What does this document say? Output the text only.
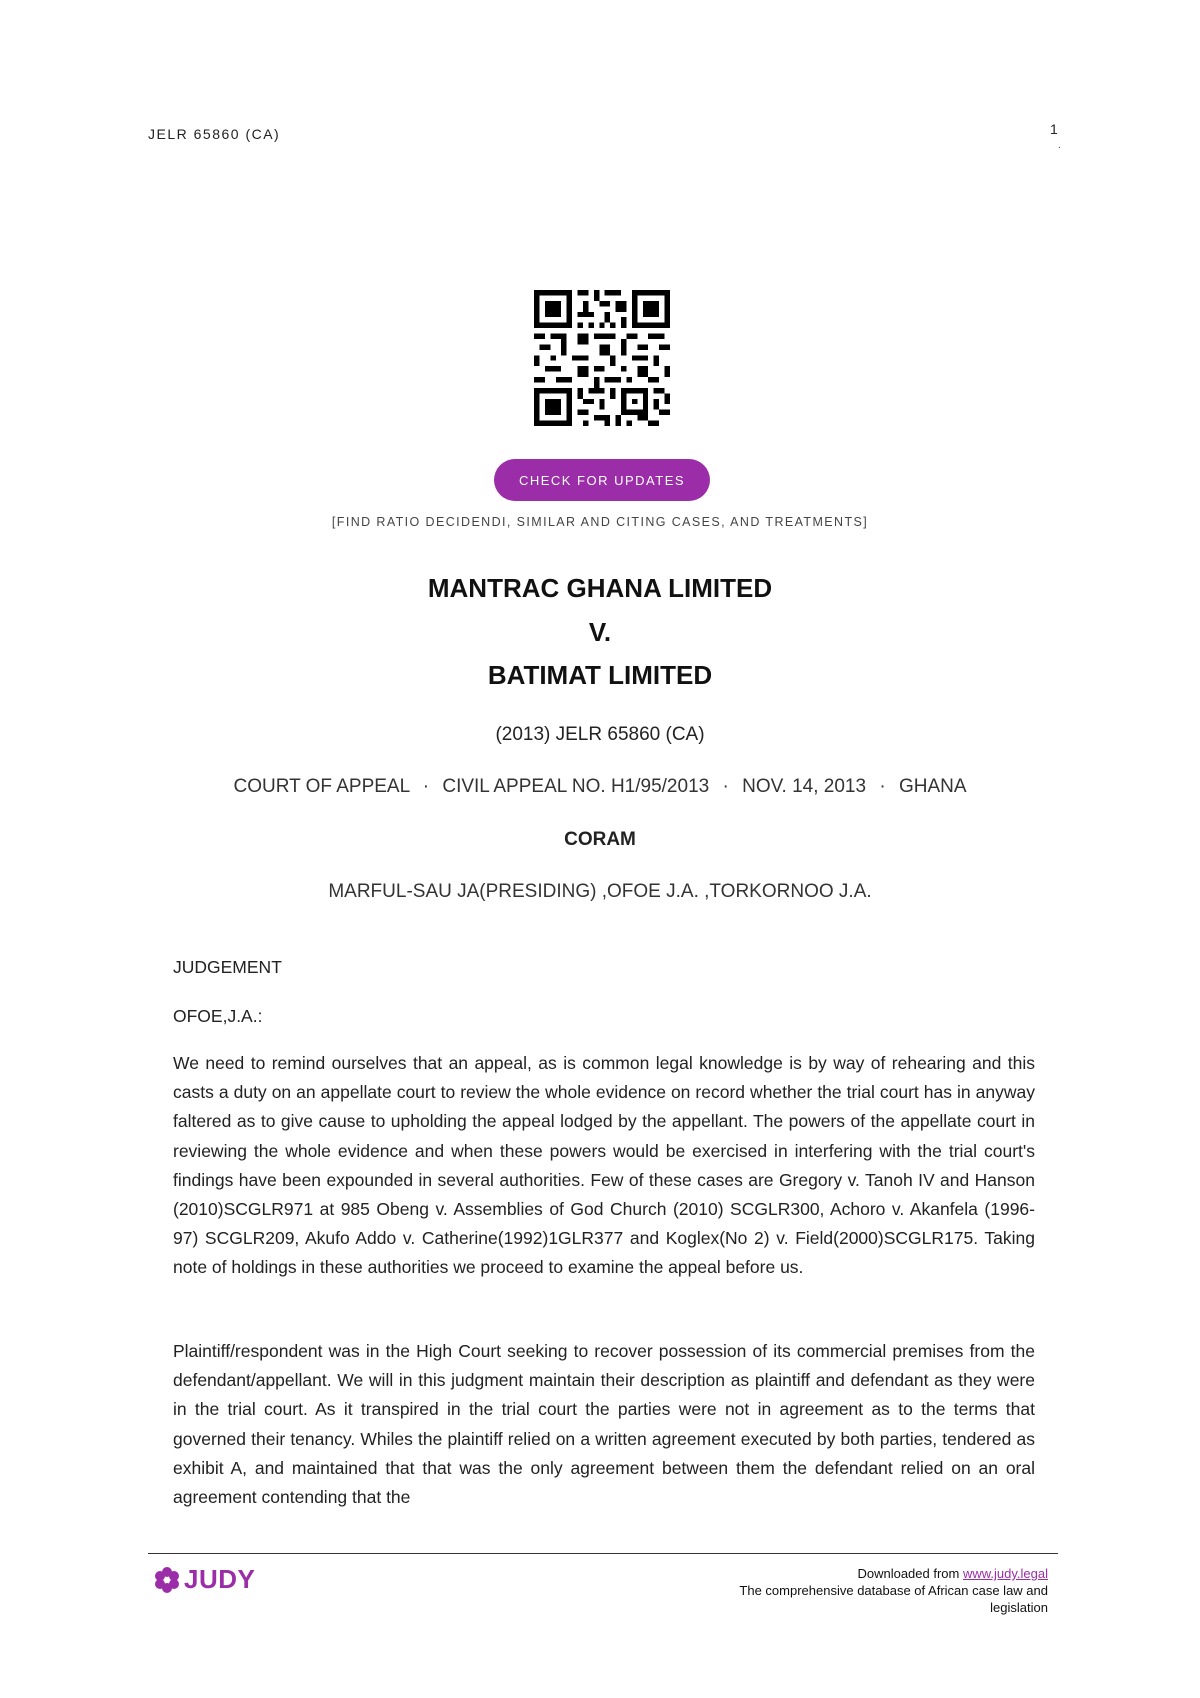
JELR 65860 (CA)	1
.
CHECK FOR UPDATES
[FIND RATIO DECIDENDI, SIMILAR AND CITING CASES, AND TREATMENTS]
MANTRAC GHANA LIMITED
V.
BATIMAT LIMITED
(2013) JELR 65860 (CA)
COURT OF APPEAL · CIVIL APPEAL NO. H1/95/2013 · NOV. 14, 2013 · GHANA
CORAM
MARFUL-SAU JA(PRESIDING) ,OFOE J.A. ,TORKORNOO J.A.
JUDGEMENT
OFOE,J.A.:

We need to remind ourselves that an appeal, as is common legal knowledge is by way of rehearing and this casts a duty on an appellate court to review the whole evidence on record whether the trial court has in anyway faltered as to give cause to upholding the appeal lodged by the appellant. The powers of the appellate court in reviewing the whole evidence and when these powers would be exercised in interfering with the trial court's findings have been expounded in several authorities. Few of these cases are Gregory v. Tanoh IV and Hanson (2010)SCGLR971 at 985 Obeng v. Assemblies of God Church (2010) SCGLR300, Achoro v. Akanfela (1996-97) SCGLR209, Akufo Addo v. Catherine(1992)1GLR377 and Koglex(No 2) v. Field(2000)SCGLR175. Taking note of holdings in these authorities we proceed to examine the appeal before us.

Plaintiff/respondent was in the High Court seeking to recover possession of its commercial premises from the defendant/appellant. We will in this judgment maintain their description as plaintiff and defendant as they were in the trial court. As it transpired in the trial court the parties were not in agreement as to the terms that governed their tenancy. Whiles the plaintiff relied on a written agreement executed by both parties, tendered as exhibit A, and maintained that that was the only agreement between them the defendant relied on an oral agreement contending that the

JUDY	Downloaded from www.judy.legal
The comprehensive database of African case law and
legislation
